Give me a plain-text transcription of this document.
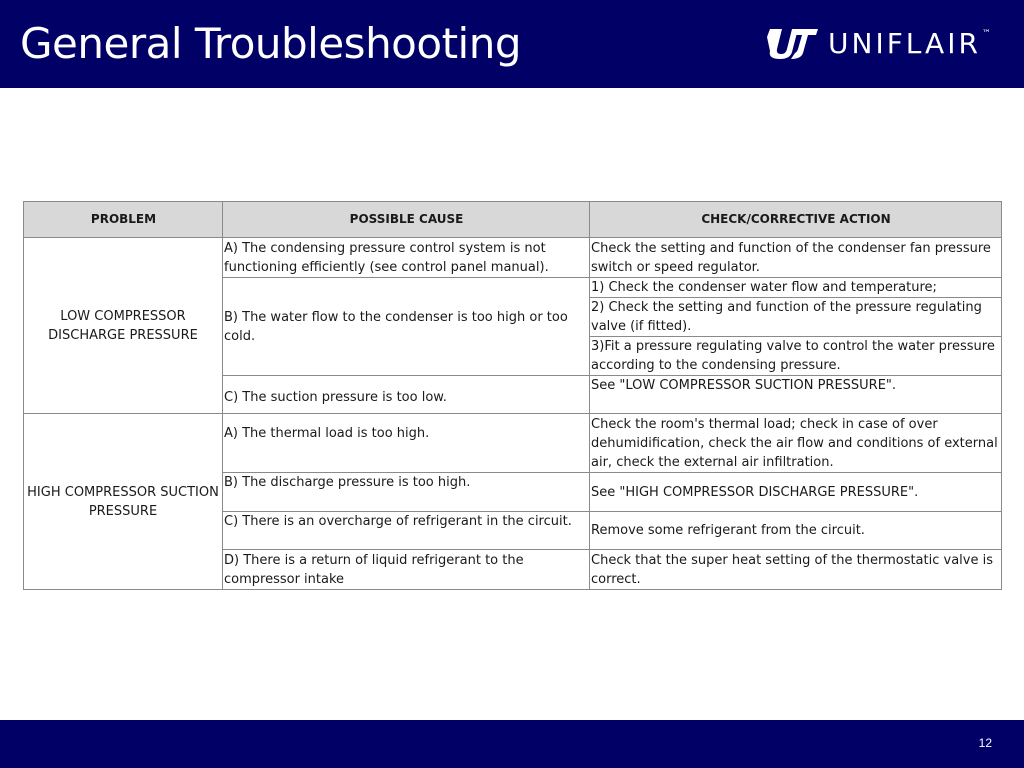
General Troubleshooting	UNIFLAIR ™
PROBLEM	POSSIBLE CAUSE	CHECK/CORRECTIVE ACTION
LOW COMPRESSOR DISCHARGE PRESSURE	A) The condensing pressure control system is not functioning efficiently (see control panel manual).	Check the setting and function of the condenser fan pressure switch or speed regulator.
	B) The water flow to the condenser is too high or too cold.	1) Check the condenser water flow and temperature;
		2) Check the setting and function of the pressure regulating valve (if fitted).
		3)Fit a pressure regulating valve to control the water pressure according to the condensing pressure.
	C) The suction pressure is too low.	See "LOW COMPRESSOR SUCTION PRESSURE".
HIGH COMPRESSOR SUCTION PRESSURE	A) The thermal load is too high.	Check the room's thermal load; check in case of over dehumidification, check the air flow and conditions of external air, check the external air infiltration.
	B) The discharge pressure is too high.	See "HIGH COMPRESSOR DISCHARGE PRESSURE".
	C) There is an overcharge of refrigerant in the circuit.	Remove some refrigerant from the circuit.
	D) There is a return of liquid refrigerant to the compressor intake	Check that the super heat setting of the thermostatic valve is correct.
12
